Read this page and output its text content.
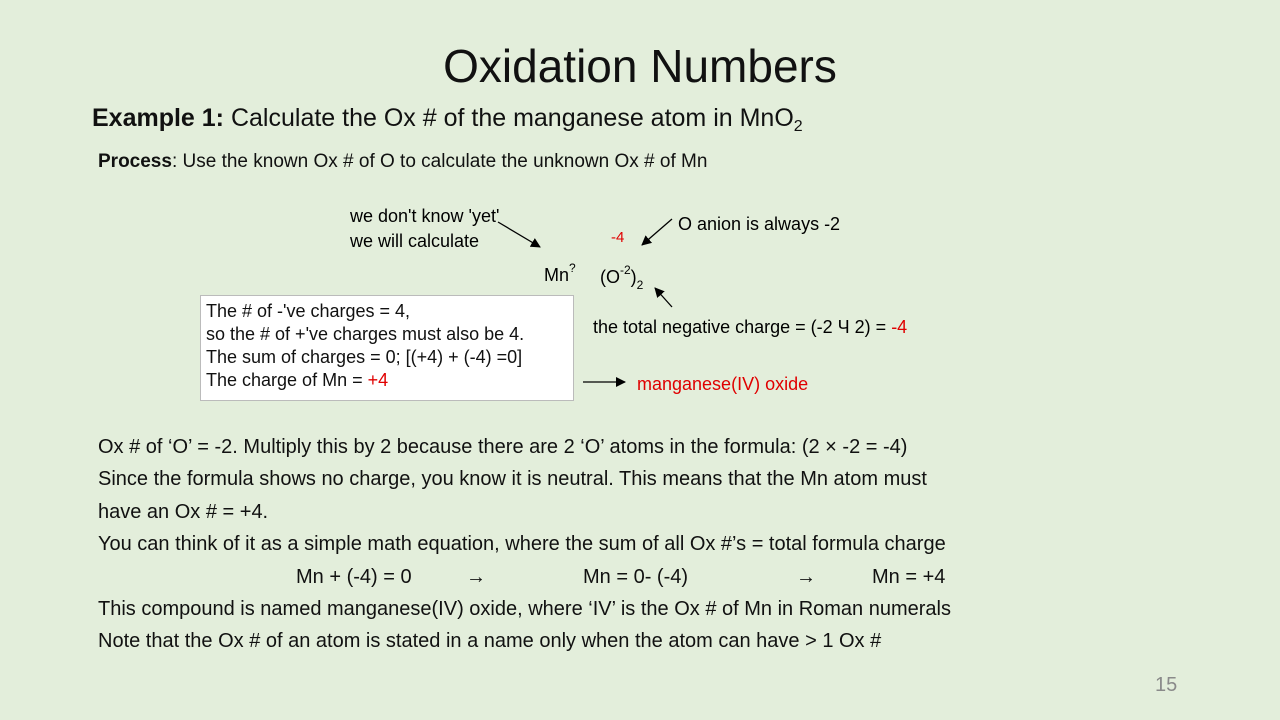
Oxidation Numbers
Example 1: Calculate the Ox # of the manganese atom in MnO$_2$
Process: Use the known Ox # of O to calculate the unknown Ox # of Mn
we don't know 'yet'
we will calculate
O anion is always -2
-4
Mn? $(O^{-2})_2$
the total negative charge = (-2 Ч 2) = -4
The # of -'ve charges = 4,
so the # of +'ve charges must also be 4.
The sum of charges = 0; [(+4) + (-4) =0]
The charge of Mn = +4	manganese(IV) oxide
Ox # of ‘O’ = -2. Multiply this by 2 because there are 2 ‘O’ atoms in the formula: (2 × -2 = -4)
Since the formula shows no charge, you know it is neutral. This means that the Mn atom must
have an Ox # = +4.
You can think of it as a simple math equation, where the sum of all Ox #’s = total formula charge
Mn + (-4) = 0	→	Mn = 0- (-4)	→	Mn = +4
This compound is named manganese(IV) oxide, where ‘IV’ is the Ox # of Mn in Roman numerals
Note that the Ox # of an atom is stated in a name only when the atom can have > 1 Ox #
15
